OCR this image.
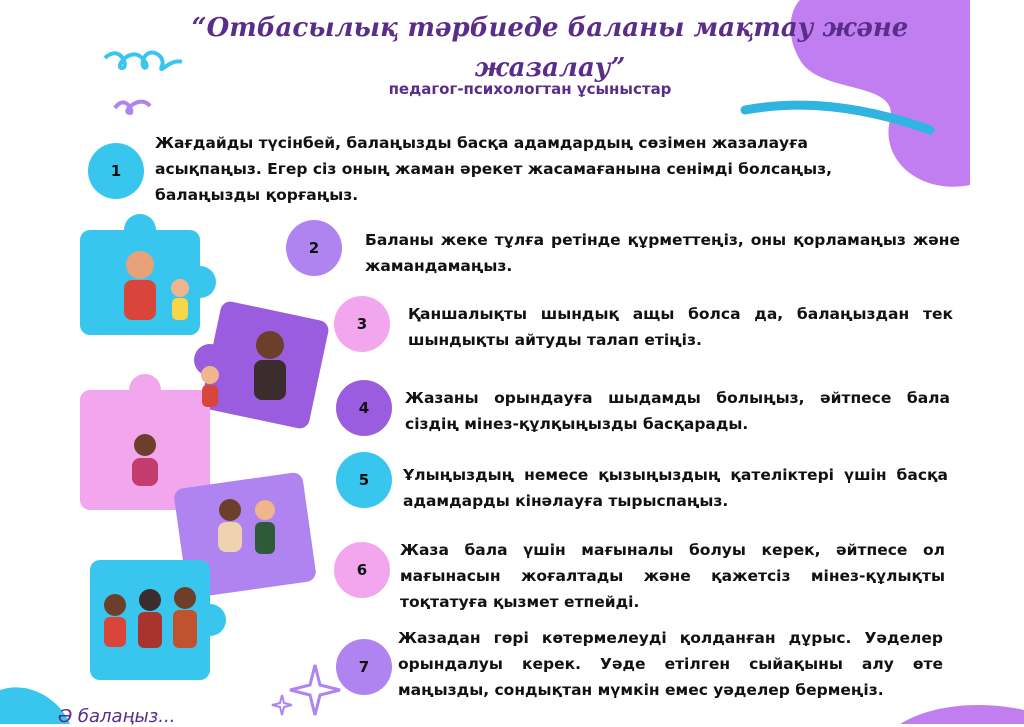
“Отбасылық тәрбиеде баланы мақтау және жазалау”
педагог-психологтан ұсыныстар
1
Жағдайды түсінбей, балаңызды басқа адамдардың сөзімен жазалауға асықпаңыз. Егер сіз оның жаман әрекет жасамағанына сенімді болсаңыз, балаңызды қорғаңыз.
2	Баланы жеке тұлға ретінде құрметтеңіз, оны қорламаңыз және жамандамаңыз.
3
Қаншалықты шындық ащы болса да, балаңыздан тек шындықты айтуды талап етіңіз.
4
Жазаны орындауға шыдамды болыңыз, әйтпесе бала сіздің мінез-құлқыңызды басқарады.
5 Ұлыңыздың немесе қызыңыздың қателіктері үшін басқа адамдарды кінәлауға тырыспаңыз.
6
Жаза бала үшін мағыналы болуы керек, әйтпесе ол мағынасын жоғалтады және қажетсіз мінез-құлықты тоқтатуға қызмет етпейді.
7
Жазадан гөрі көтермелеуді қолданған дұрыс. Уәделер орындалуы керек. Уәде етілген сыйақыны алу өте маңызды, сондықтан мүмкін емес уәделер бермеңіз.
Ә балаңыз...
